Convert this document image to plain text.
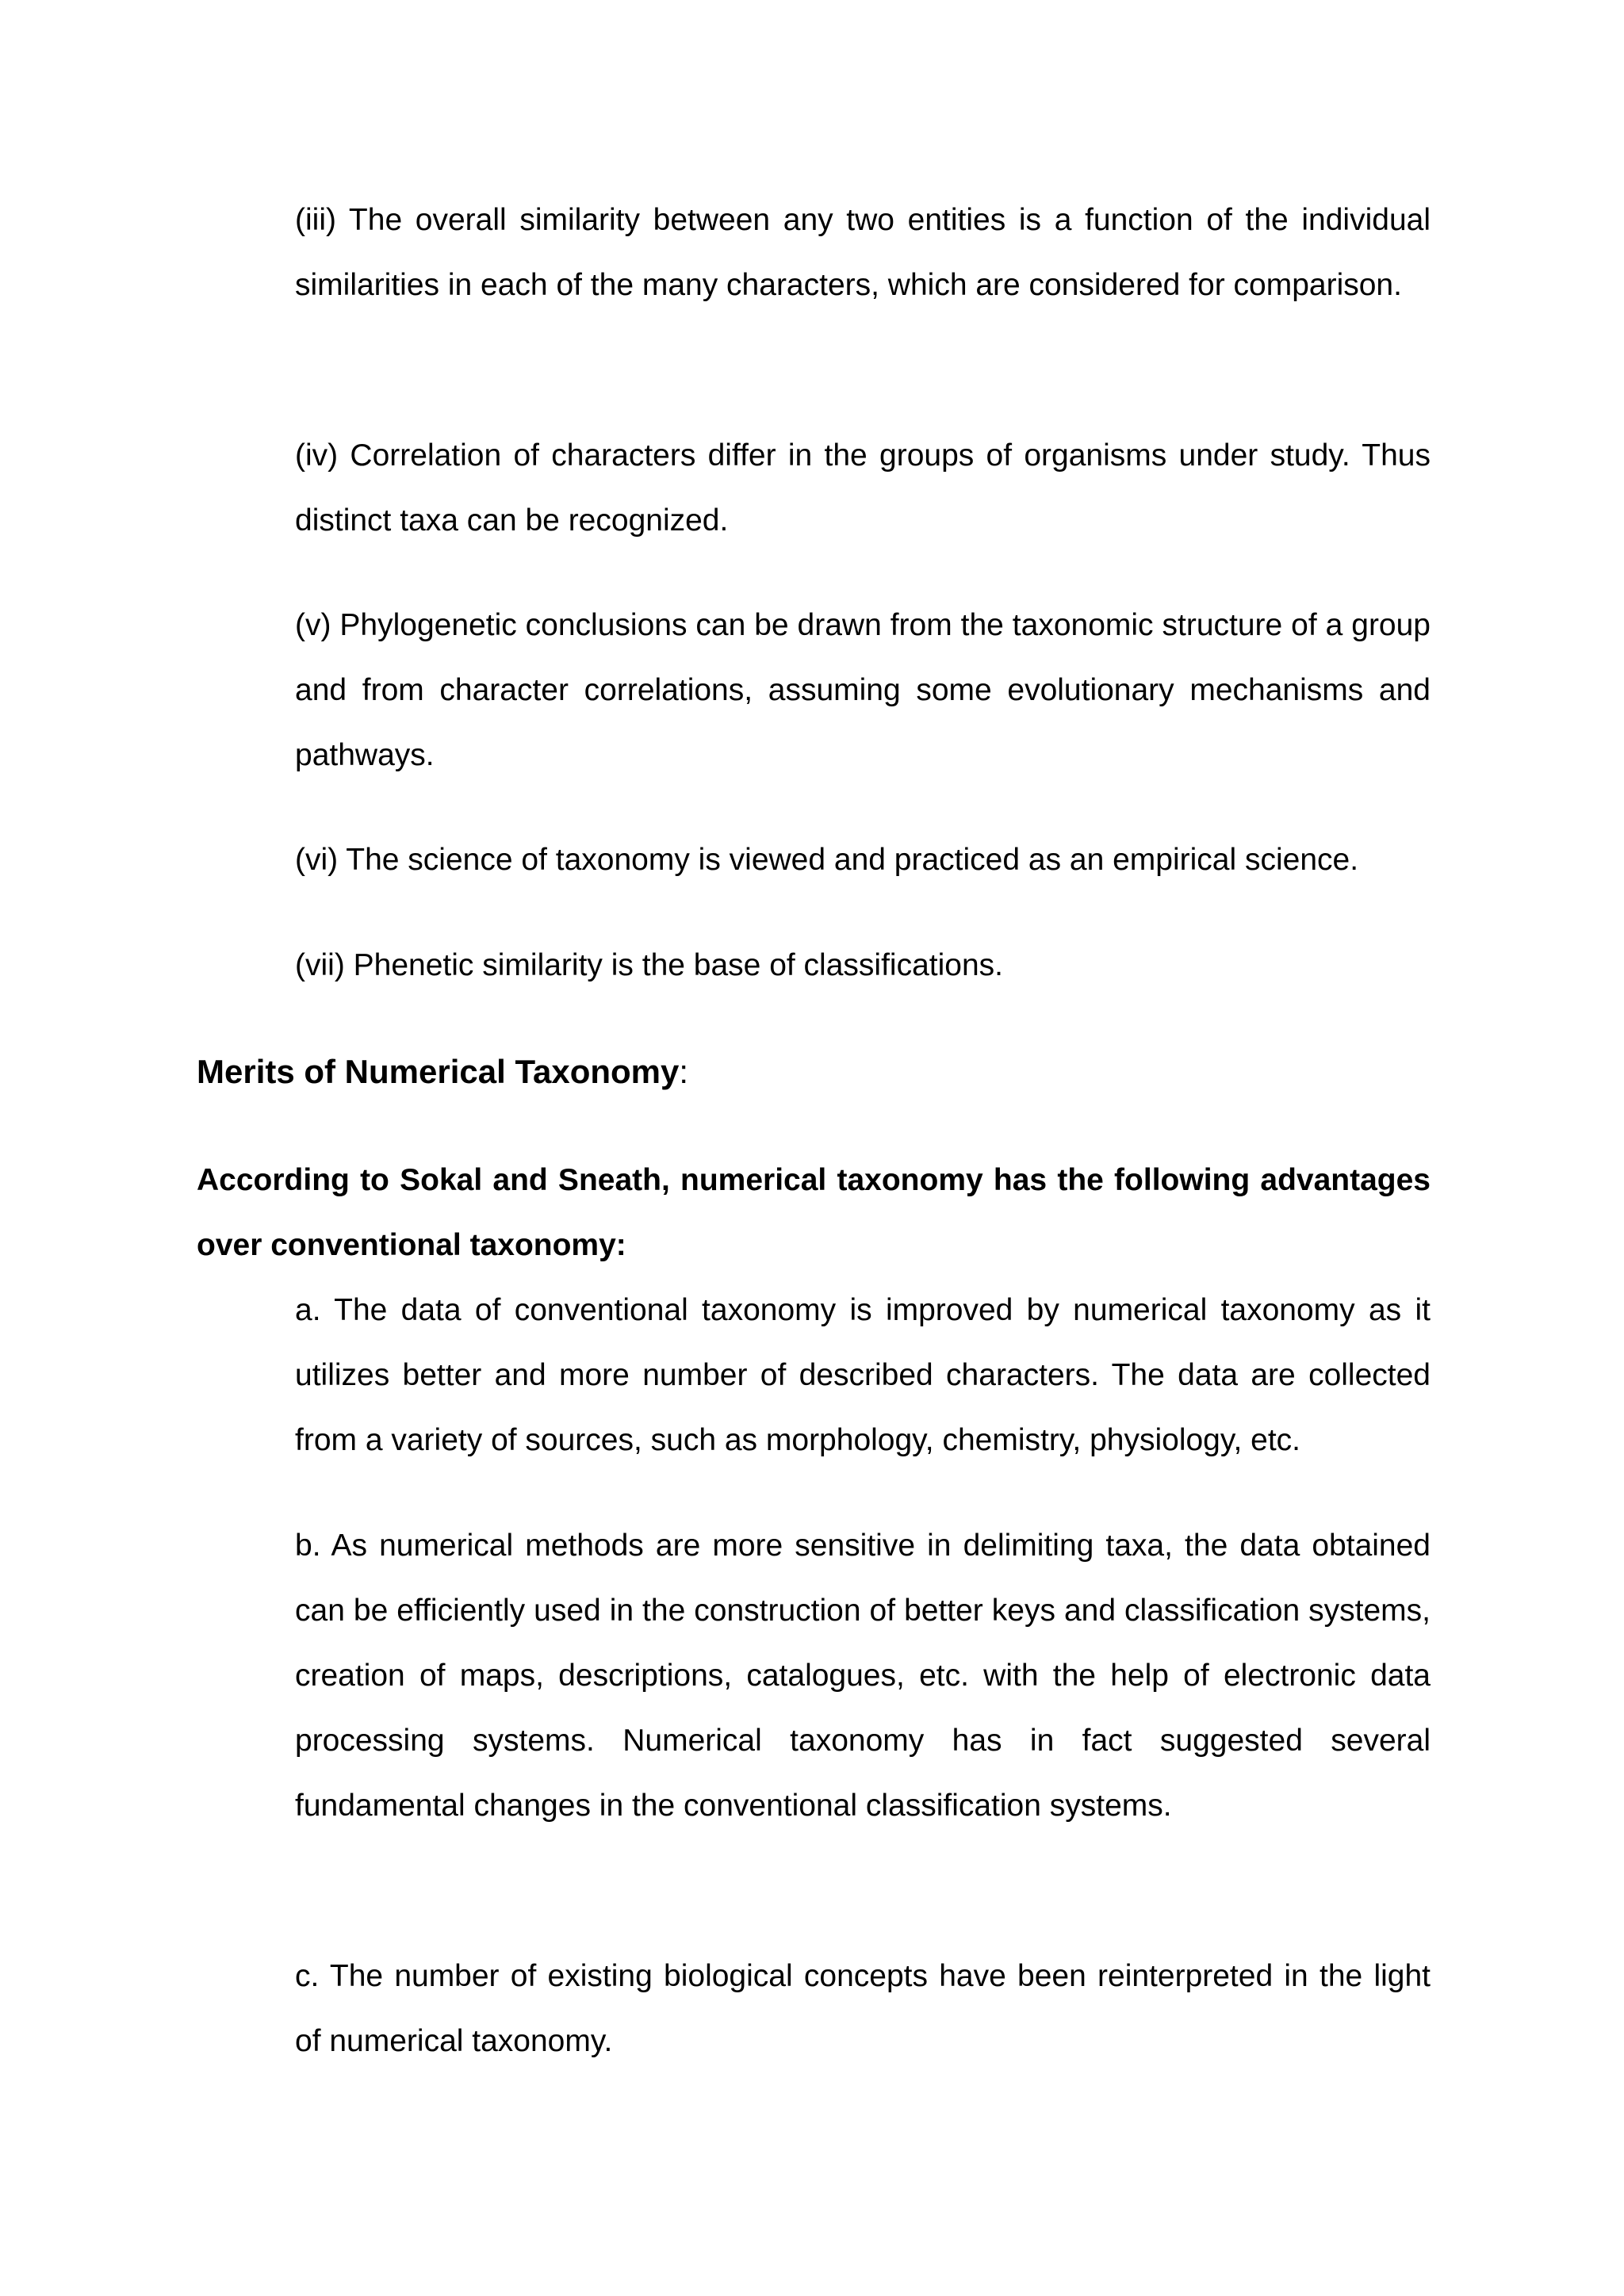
(iii) The overall similarity between any two entities is a function of the individual similarities in each of the many characters, which are considered for comparison.

(iv) Correlation of characters differ in the groups of organisms under study. Thus distinct taxa can be recognized.

(v) Phylogenetic conclusions can be drawn from the taxonomic structure of a group and from character correlations, assuming some evolutionary mechanisms and pathways.

(vi) The science of taxonomy is viewed and practiced as an empirical science.

(vii) Phenetic similarity is the base of classifications.

Merits of Numerical Taxonomy:

According to Sokal and Sneath, numerical taxonomy has the following advantages over conventional taxonomy:

a. The data of conventional taxonomy is improved by numerical taxonomy as it utilizes better and more number of described characters. The data are collected from a variety of sources, such as morphology, chemistry, physiology, etc.

b. As numerical methods are more sensitive in delimiting taxa, the data obtained can be efficiently used in the construction of better keys and classification systems, creation of maps, descriptions, catalogues, etc. with the help of electronic data processing systems. Numerical taxonomy has in fact suggested several fundamental changes in the conventional classification systems.

c. The number of existing biological concepts have been reinterpreted in the light of numerical taxonomy.
